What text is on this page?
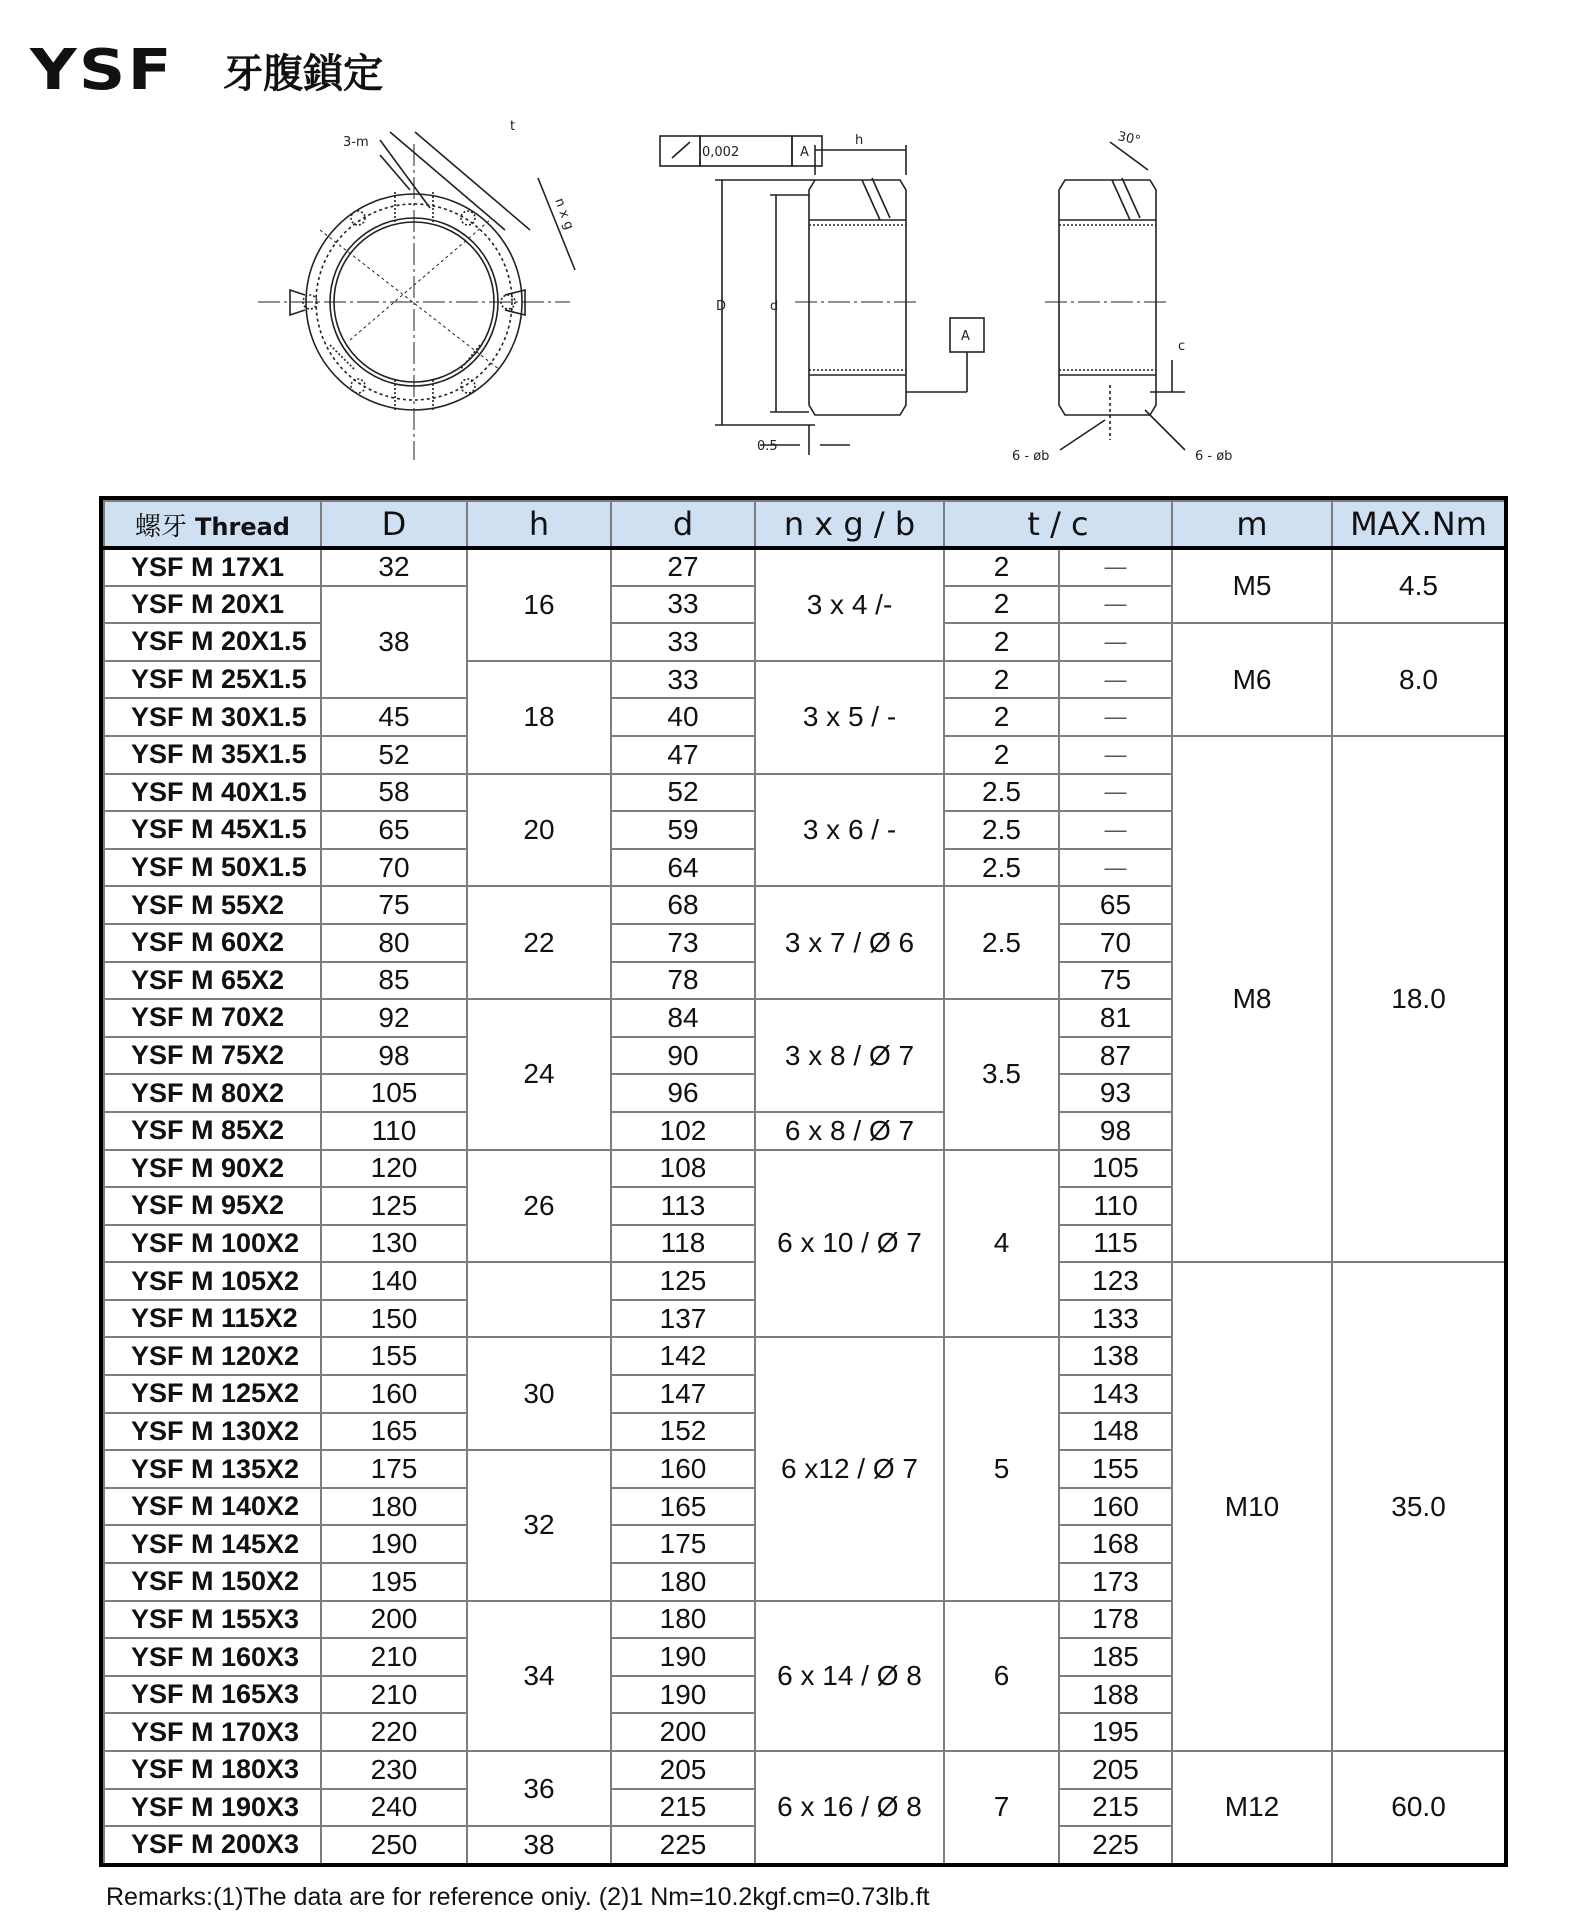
YSF 牙腹鎖定
3-m
t
n x g
0,002	A
h
D	d
A
0.5
30°
c
6 - øb	6 - øb
螺牙 Thread	D	h	d	n x g / b	t / c		m	MAX.Nm
YSF M 17X1	32	16	27	3 x 4 /-	2	—	M5	4.5
YSF M 20X1	38		33		2	—		
YSF M 20X1.5			33		2	—	M6	8.0
YSF M 25X1.5		18	33	3 x 5 / -	2	—		
YSF M 30X1.5	45		40		2	—		
YSF M 35X1.5	52		47		2	—	M8	18.0
YSF M 40X1.5	58	20	52	3 x 6 / -	2.5	—		
YSF M 45X1.5	65		59		2.5	—		
YSF M 50X1.5	70		64		2.5	—		
YSF M 55X2	75	22	68	3 x 7 / Ø 6	2.5	65		
YSF M 60X2	80		73			70		
YSF M 65X2	85		78			75		
YSF M 70X2	92	24	84	3 x 8 / Ø 7	3.5	81		
YSF M 75X2	98		90			87		
YSF M 80X2	105		96			93		
YSF M 85X2	110		102	6 x 8 / Ø 7		98		
YSF M 90X2	120	26	108	6 x 10 / Ø 7	4	105		
YSF M 95X2	125		113			110		
YSF M 100X2	130		118			115		
YSF M 105X2	140		125			123	M10	35.0
YSF M 115X2	150		137			133		
YSF M 120X2	155	30	142	6 x12 / Ø 7	5	138		
YSF M 125X2	160		147			143		
YSF M 130X2	165		152			148		
YSF M 135X2	175	32	160			155		
YSF M 140X2	180		165			160		
YSF M 145X2	190		175			168		
YSF M 150X2	195		180			173		
YSF M 155X3	200	34	180	6 x 14 / Ø 8	6	178		
YSF M 160X3	210		190			185		
YSF M 165X3	210		190			188		
YSF M 170X3	220		200			195		
YSF M 180X3	230	36	205	6 x 16 / Ø 8	7	205	M12	60.0
YSF M 190X3	240		215			215		
YSF M 200X3	250	38	225			225		
Remarks:(1)The data are for reference oniy. (2)1 Nm=10.2kgf.cm=0.73lb.ft
